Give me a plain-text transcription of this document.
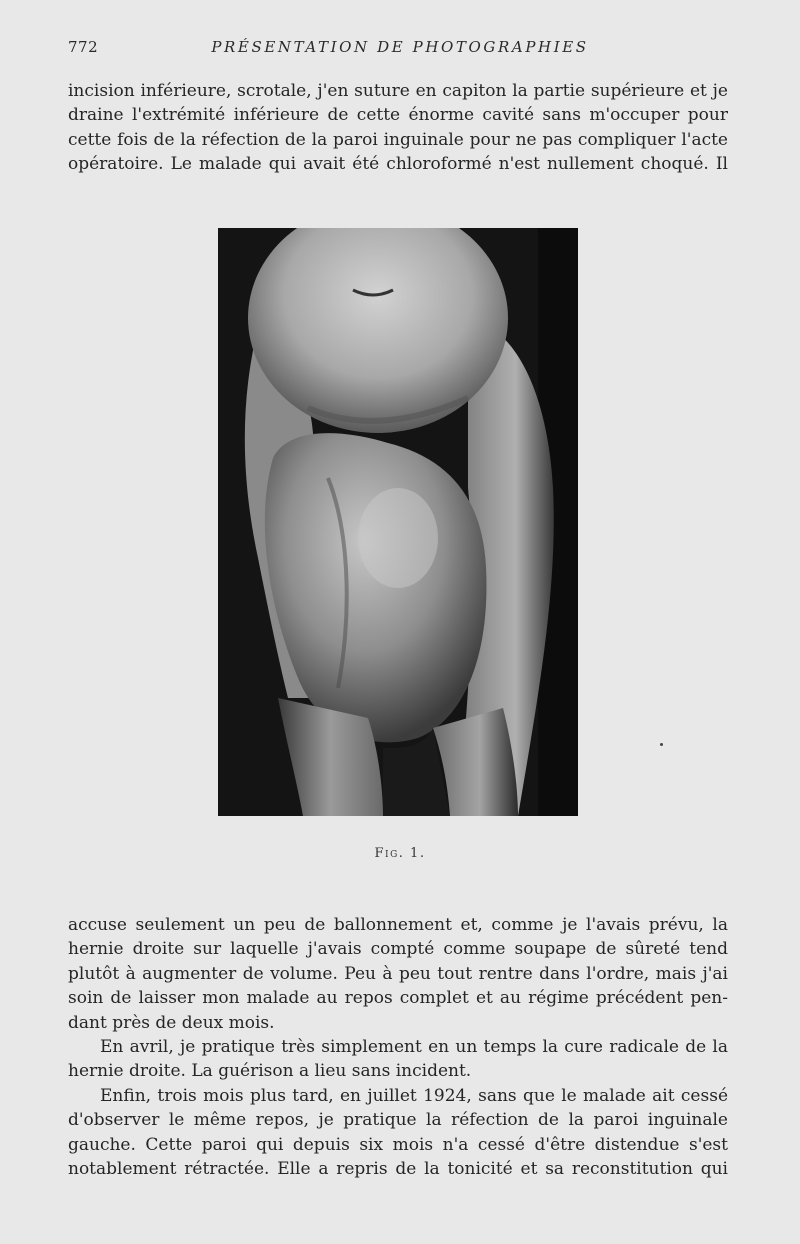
772	PRÉSENTATION DE PHOTOGRAPHIES
incision inférieure, scrotale, j'en suture en capiton la partie supérieure et je
draine l'extrémité inférieure de cette énorme cavité sans m'occuper pour
cette fois de la réfection de la paroi inguinale pour ne pas compliquer l'acte
opératoire. Le malade qui avait été chloroformé n'est nullement choqué. Il
Fig. 1.
accuse seulement un peu de ballonnement et, comme je l'avais prévu, la
hernie droite sur laquelle j'avais compté comme soupape de sûreté tend
plutôt à augmenter de volume. Peu à peu tout rentre dans l'ordre, mais j'ai
soin de laisser mon malade au repos complet et au régime précédent pen-
dant près de deux mois.
En avril, je pratique très simplement en un temps la cure radicale de la
hernie droite. La guérison a lieu sans incident.
Enfin, trois mois plus tard, en juillet 1924, sans que le malade ait cessé
d'observer le même repos, je pratique la réfection de la paroi inguinale
gauche. Cette paroi qui depuis six mois n'a cessé d'être distendue s'est
notablement rétractée. Elle a repris de la tonicité et sa reconstitution qui
